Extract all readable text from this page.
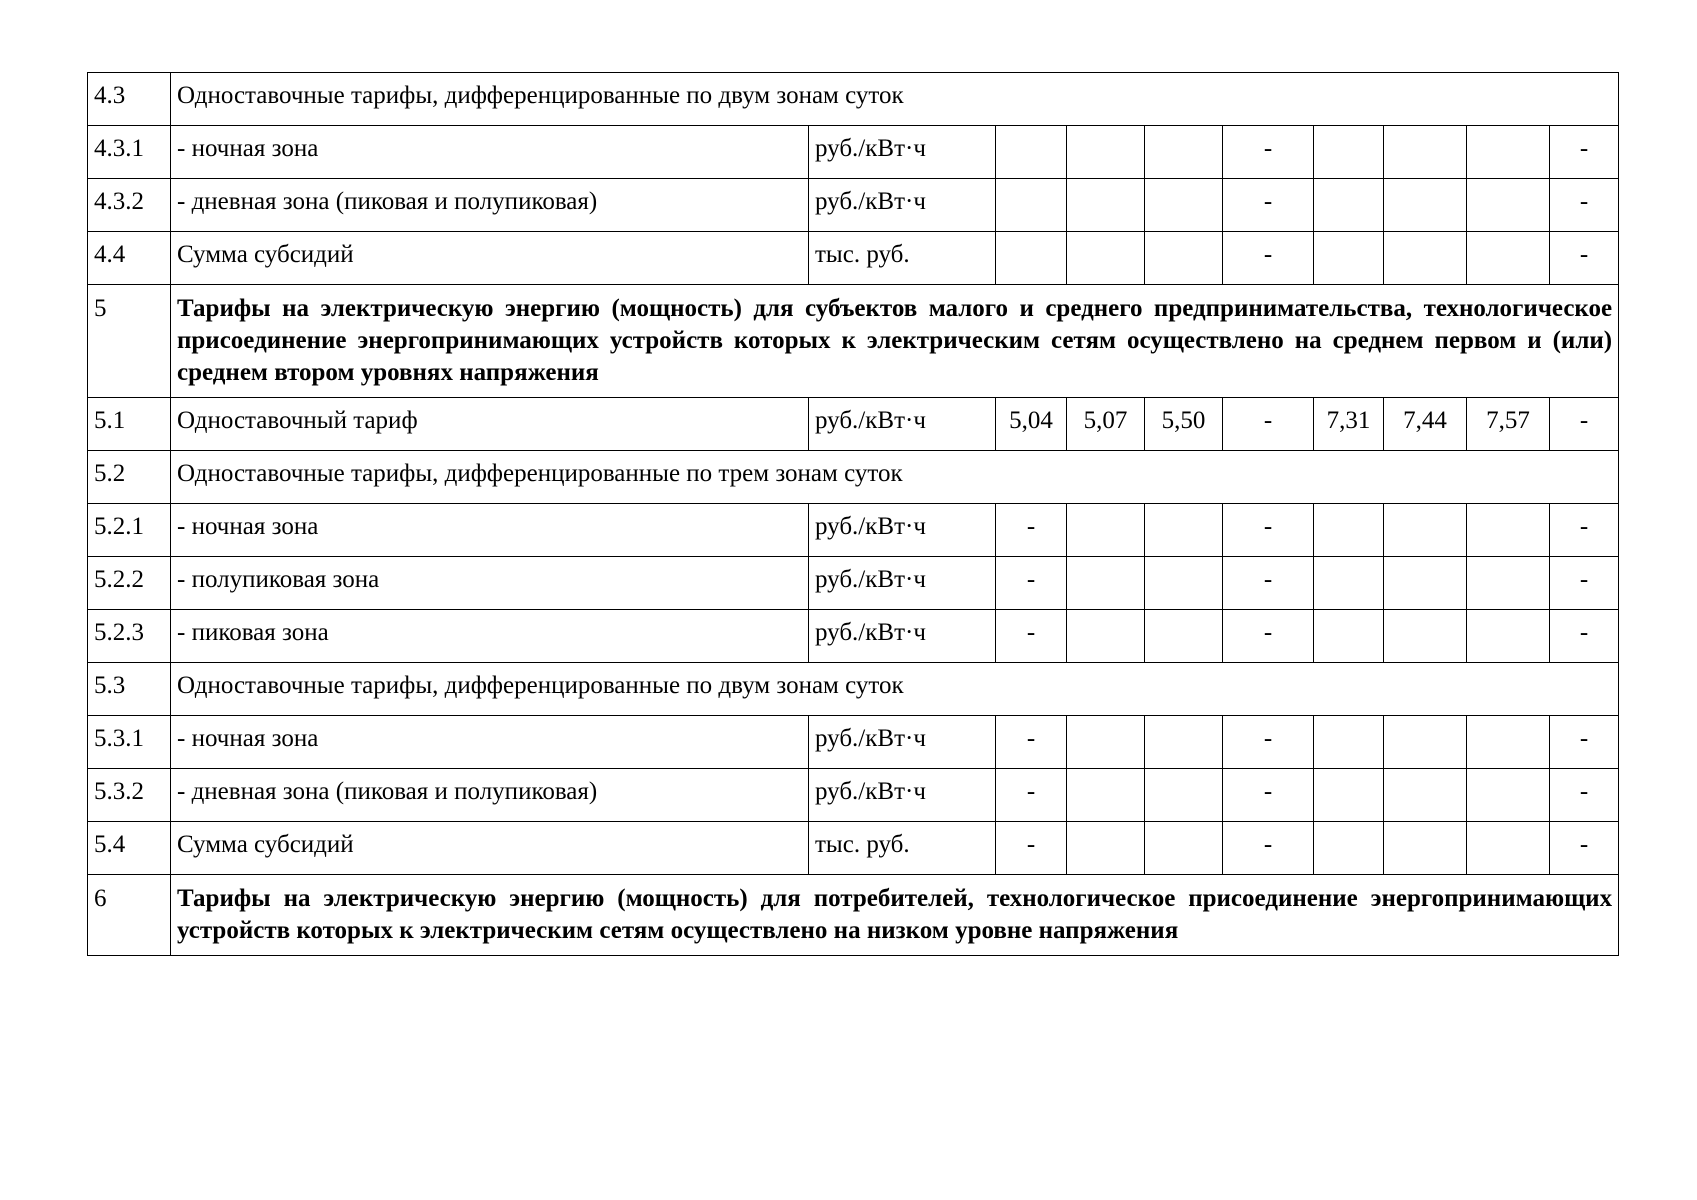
4.3	Одноставочные тарифы, дифференцированные по двум зонам суток									
4.3.1	- ночная зона	руб./кВт·ч				-				-
4.3.2	- дневная зона (пиковая и полупиковая)	руб./кВт·ч				-				-
4.4	Сумма субсидий	тыс. руб.				-				-
5	Тарифы на электрическую энергию (мощность) для субъектов малого и среднего предпринимательства, технологическое присоединение энергопринимающих устройств которых к электрическим сетям осуществлено на среднем первом и (или) среднем втором уровнях напряжения									
5.1	Одноставочный тариф	руб./кВт·ч	5,04	5,07	5,50	-	7,31	7,44	7,57	-
5.2	Одноставочные тарифы, дифференцированные по трем зонам суток									
5.2.1	- ночная зона	руб./кВт·ч	-			-				-
5.2.2	- полупиковая зона	руб./кВт·ч	-			-				-
5.2.3	- пиковая зона	руб./кВт·ч	-			-				-
5.3	Одноставочные тарифы, дифференцированные по двум зонам суток									
5.3.1	- ночная зона	руб./кВт·ч	-			-				-
5.3.2	- дневная зона (пиковая и полупиковая)	руб./кВт·ч	-			-				-
5.4	Сумма субсидий	тыс. руб.	-			-				-
6	Тарифы на электрическую энергию (мощность) для потребителей, технологическое присоединение энергопринимающих устройств которых к электрическим сетям осуществлено на низком уровне напряжения									
